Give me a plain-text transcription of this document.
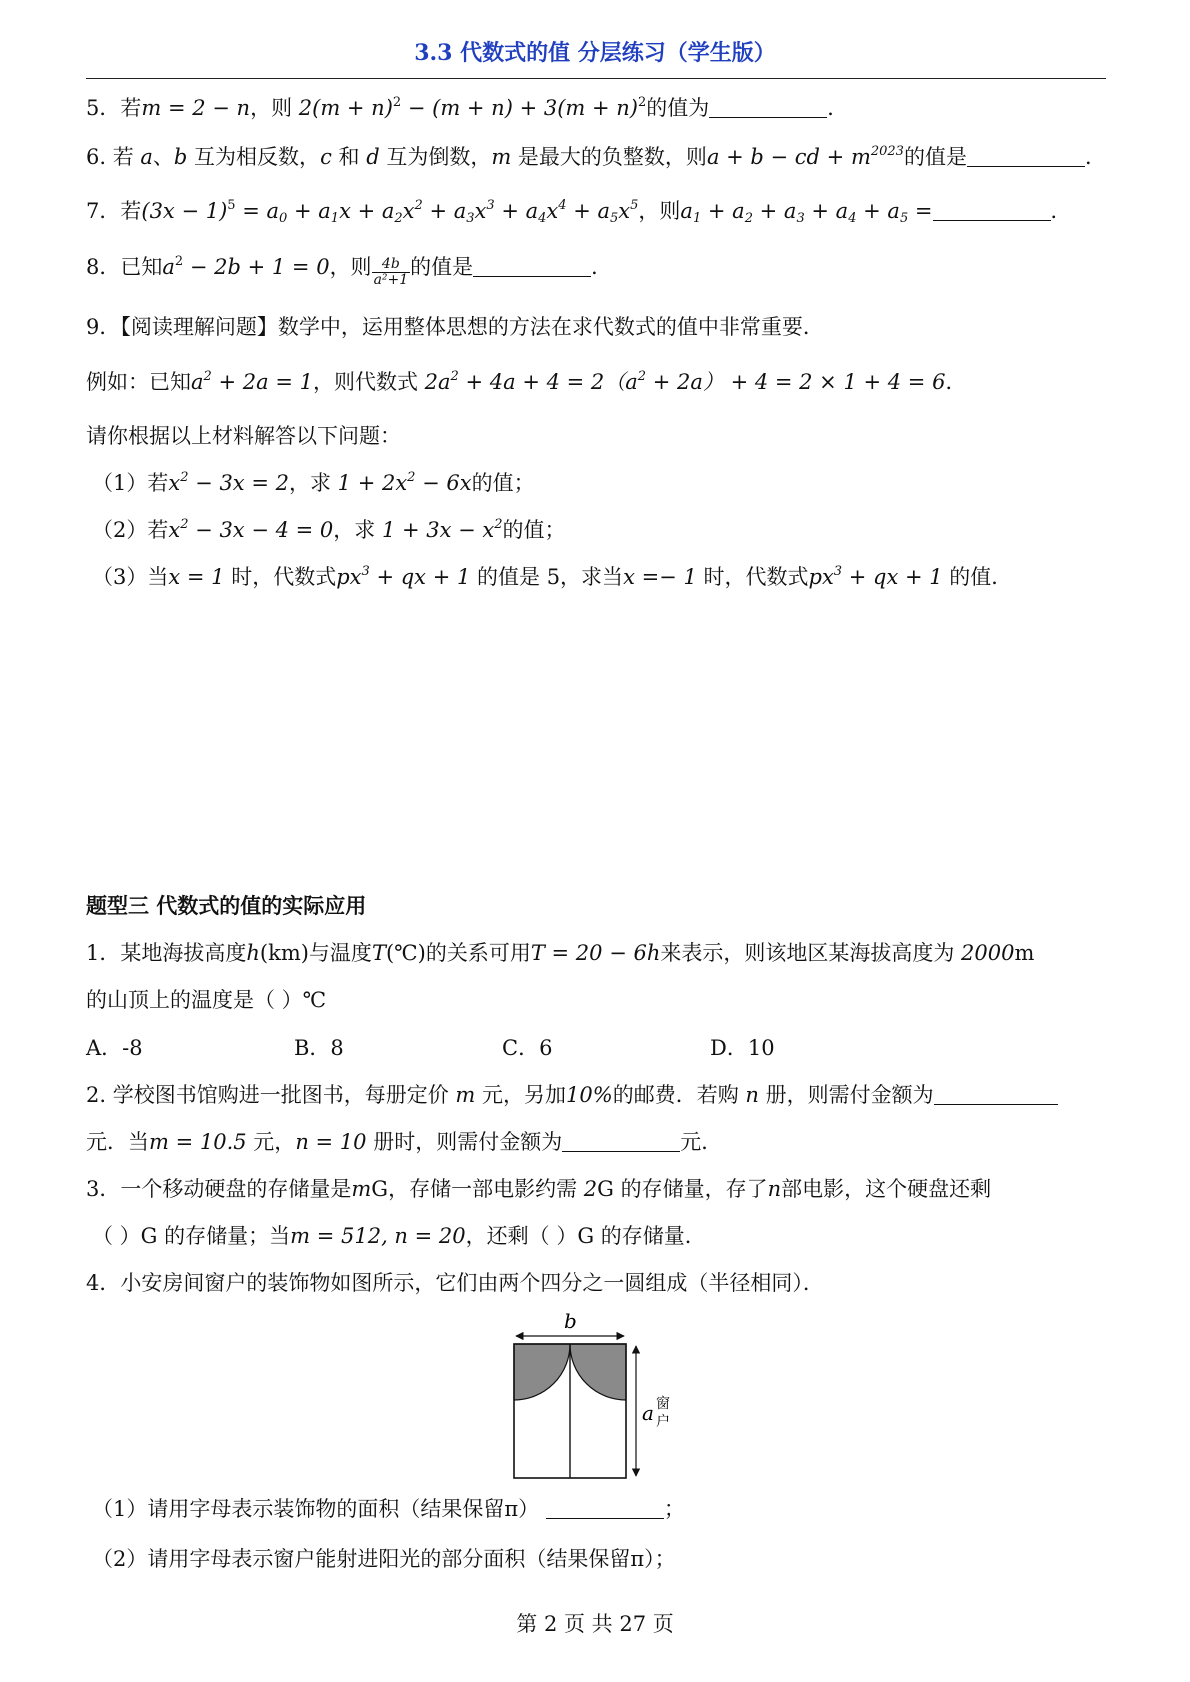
3.3 代数式的值 分层练习（学生版）
5．若m = 2 − n，则 $2(m + n)^2 - (m + n) + 3(m + n)^2$的值为	．
6. 若 a、b 互为相反数，c 和 d 互为倒数，m 是最大的负整数，则a + b − cd + $m^{2023}$的值是	．
7．若$(3x - 1)^5 = a_0 + a_1x + a_2x^2 + a_3x^3 + a_4x^4 + a_5x^5$，则$a_1 + a_2 + a_3 + a_4 + a_5$ =	．
8．已知$a^2 - 2b + 1 = 0$，则 $\frac{4b}{\text{a²+1}}$ 的值是	．
9．【阅读理解问题】数学中，运用整体思想的方法在求代数式的值中非常重要．
例如：已知$a^2 + 2a = 1$，则代数式 $2a^2 + 4a + 4 = 2(a^2 + 2a) + 4 = 2 \times 1 + 4 = 6$．
请你根据以上材料解答以下问题：
（1）若$x^2 - 3x = 2$，求 $1 + 2x^2 - 6x$的值；
（2）若$x^2 - 3x - 4 = 0$，求 $1 + 3x - x^2$的值；
（3）当x = 1 时，代数式$px^3$ + qx + 1 的值是 5，求当x =− 1 时，代数式$px^3$ + qx + 1 的值．
题型三 代数式的值的实际应用
1．某地海拔高度h(km)与温度T(℃)的关系可用T = 20 − 6h来表示，则该地区某海拔高度为 2000m
的山顶上的温度是（ ）℃
A．-8	B．8	C．6	D．10
2. 学校图书馆购进一批图书，每册定价 m 元，另加10%的邮费．若购 n 册，则需付金额为
元．当m = 10.5 元，n = 10 册时，则需付金额为	元．
3．一个移动硬盘的存储量是mG，存储一部电影约需 2G 的存储量，存了n部电影，这个硬盘还剩
（ ）G 的存储量；当m = 512, n = 20，还剩（ ）G 的存储量．
4．小安房间窗户的装饰物如图所示，它们由两个四分之一圆组成（半径相同）．
b
a 窗
户
（1）请用字母表示装饰物的面积（结果保留π）	；
（2）请用字母表示窗户能射进阳光的部分面积（结果保留π）；
第 2 页 共 27 页
